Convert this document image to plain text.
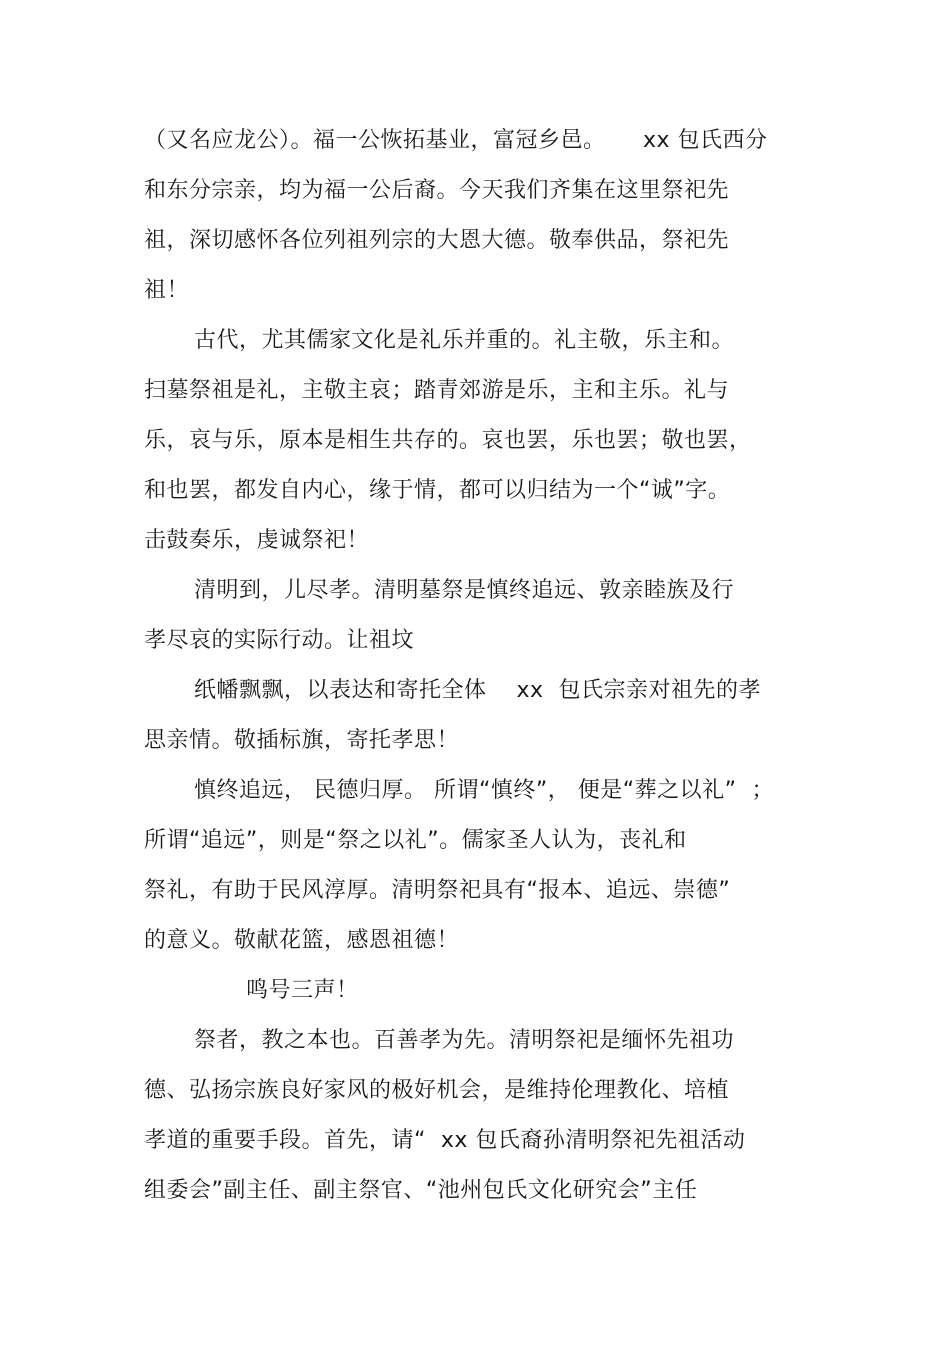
（又名应龙公）。福一公恢拓基业，富冠乡邑。     xx 包氏西分
和东分宗亲，均为福一公后裔。今天我们齐集在这里祭祀先
祖，深切感怀各位列祖列宗的大恩大德。敬奉供品，祭祀先
祖！
古代，尤其儒家文化是礼乐并重的。礼主敬，乐主和。
扫墓祭祖是礼，主敬主哀；踏青郊游是乐，主和主乐。礼与
乐，哀与乐，原本是相生共存的。哀也罢，乐也罢；敬也罢，
和也罢，都发自内心，缘于情，都可以归结为一个“诚”字。
击鼓奏乐，虔诚祭祀！
清明到，儿尽孝。清明墓祭是慎终追远、敦亲睦族及行
孝尽哀的实际行动。让祖坟
纸幡飘飘，以表达和寄托全体    xx  包氏宗亲对祖先的孝
思亲情。敬插标旗，寄托孝思！
慎终追远， 民德归厚。 所谓“慎终”， 便是“葬之以礼”  ；
所谓“追远”，则是“祭之以礼”。儒家圣人认为，丧礼和
祭礼，有助于民风淳厚。清明祭祀具有“报本、追远、崇德”
的意义。敬献花篮，感恩祖德！
鸣号三声！
祭者，教之本也。百善孝为先。清明祭祀是缅怀先祖功
德、弘扬宗族良好家风的极好机会，是维持伦理教化、培植
孝道的重要手段。首先，请“  xx 包氏裔孙清明祭祀先祖活动
组委会”副主任、副主祭官、“池州包氏文化研究会”主任
